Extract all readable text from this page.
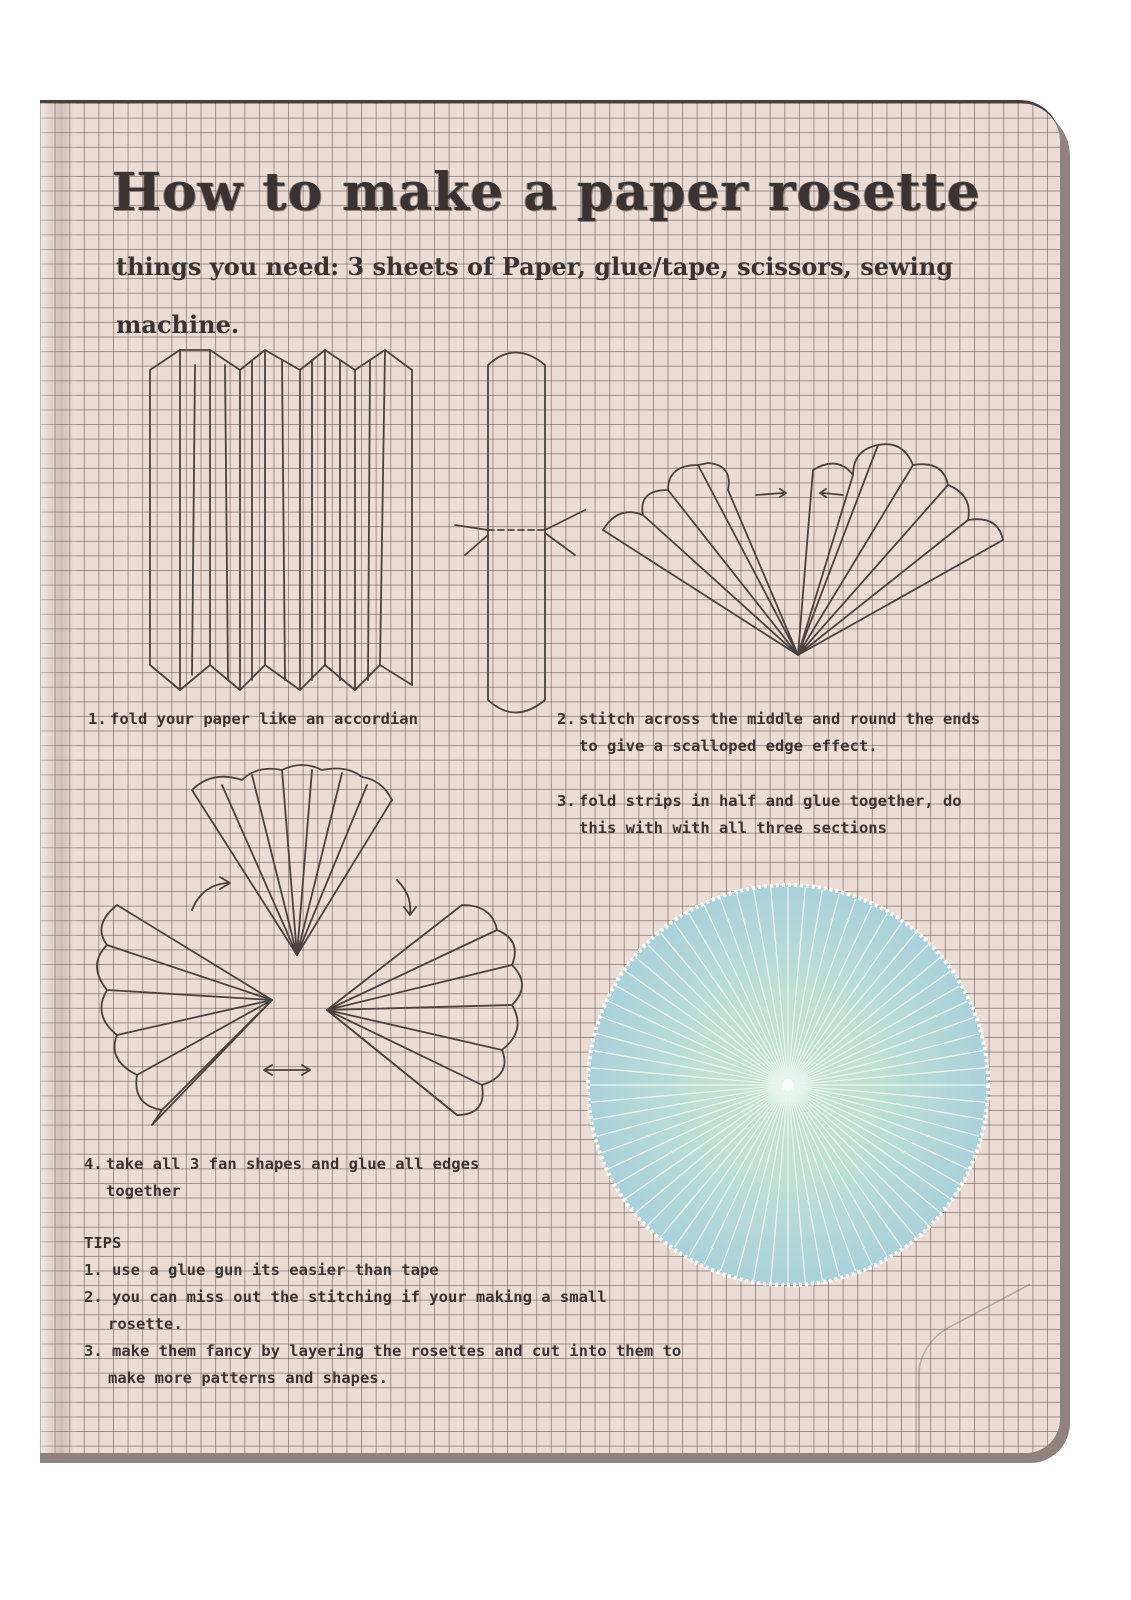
How to make a paper rosette

things you need: 3 sheets of Paper, glue/tape, scissors, sewing machine.

1. fold your paper like an accordian	2. stitch across the middle and round the ends
to give a scalloped edge effect.

3. fold strips in half and glue together, do
this with with all three sections

4. take all 3 fan shapes and glue all edges
together

TIPS
1. use a glue gun its easier than tape
2. you can miss out the stitching if your making a small rosette.
3. make them fancy by layering the rosettes and cut into them to make more patterns and shapes.
